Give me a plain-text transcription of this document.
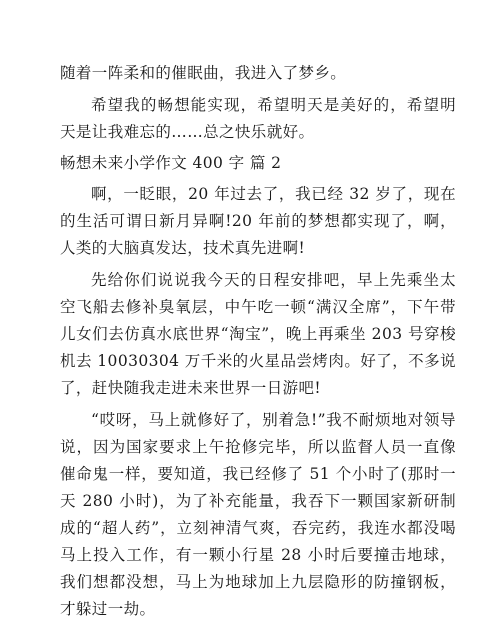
随着一阵柔和的催眠曲，我进入了梦乡。

希望我的畅想能实现，希望明天是美好的，希望明天是让我难忘的……总之快乐就好。

畅想未来小学作文 400 字 篇 2

啊，一眨眼，20 年过去了，我已经 32 岁了，现在的生活可谓日新月异啊!20 年前的梦想都实现了，啊，人类的大脑真发达，技术真先进啊!

先给你们说说我今天的日程安排吧，早上先乘坐太空飞船去修补臭氧层，中午吃一顿“满汉全席”，下午带儿女们去仿真水底世界“淘宝”，晚上再乘坐 203 号穿梭机去 10030304 万千米的火星品尝烤肉。好了，不多说了，赶快随我走进未来世界一日游吧!

“哎呀，马上就修好了，别着急!”我不耐烦地对领导说，因为国家要求上午抢修完毕，所以监督人员一直像催命鬼一样，要知道，我已经修了 51 个小时了(那时一天 280 小时)，为了补充能量，我吞下一颗国家新研制成的“超人药”，立刻神清气爽，吞完药，我连水都没喝马上投入工作，有一颗小行星 28 小时后要撞击地球，我们想都没想，马上为地球加上九层隐形的防撞钢板，才躲过一劫。
